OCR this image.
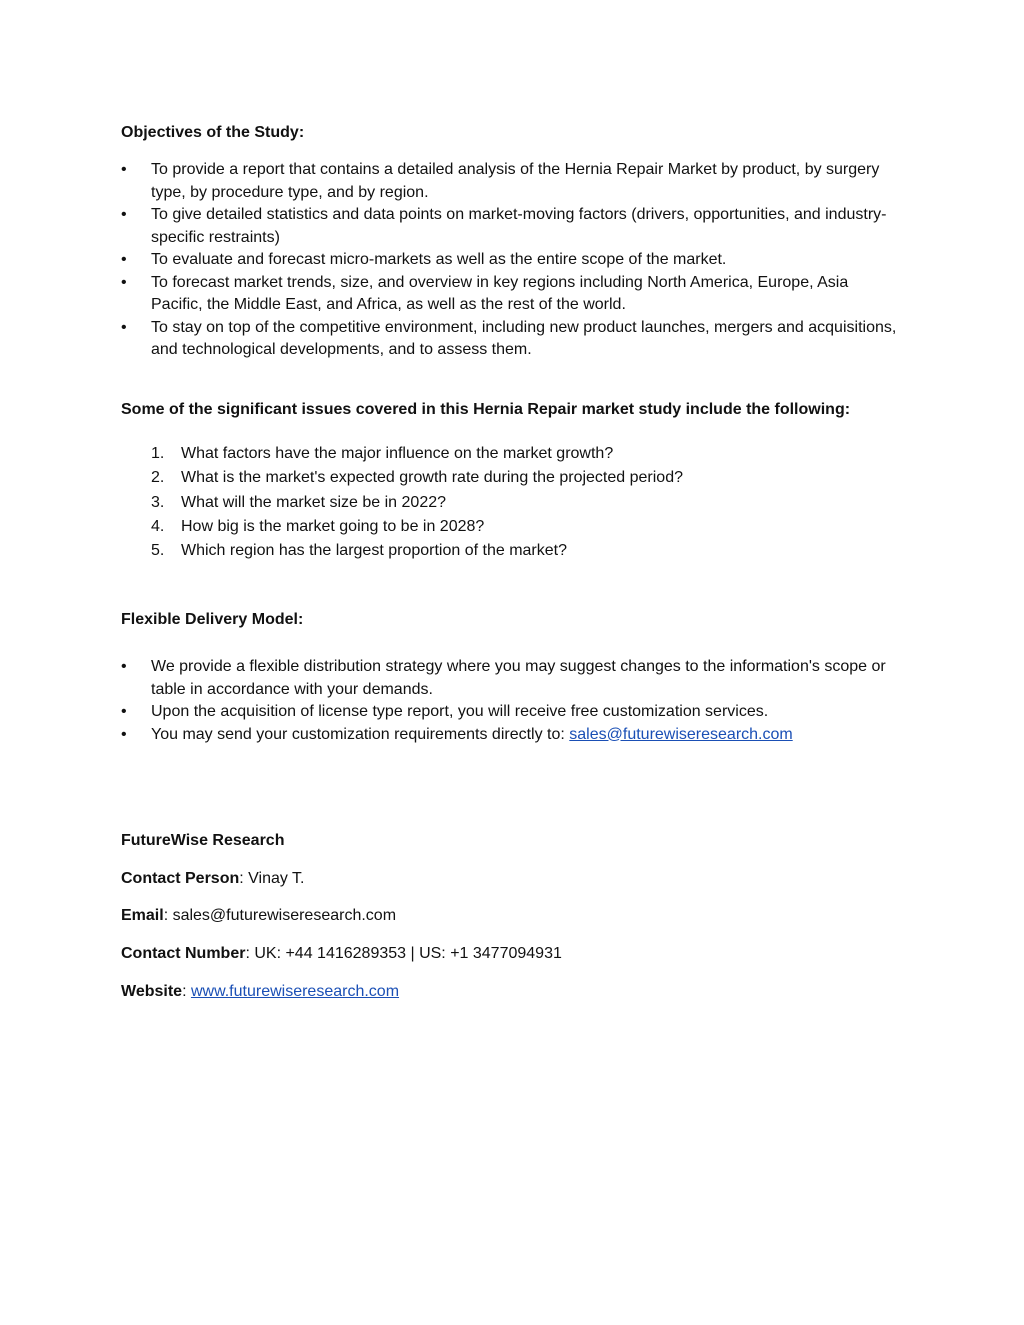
Objectives of the Study:
• To provide a report that contains a detailed analysis of the Hernia Repair Market by product, by surgery type, by procedure type, and by region.
• To give detailed statistics and data points on market-moving factors (drivers, opportunities, and industry-specific restraints)
• To evaluate and forecast micro-markets as well as the entire scope of the market.
• To forecast market trends, size, and overview in key regions including North America, Europe, Asia Pacific, the Middle East, and Africa, as well as the rest of the world.
• To stay on top of the competitive environment, including new product launches, mergers and acquisitions, and technological developments, and to assess them.
Some of the significant issues covered in this Hernia Repair market study include the following:
1. What factors have the major influence on the market growth?
2. What is the market's expected growth rate during the projected period?
3. What will the market size be in 2022?
4. How big is the market going to be in 2028?
5. Which region has the largest proportion of the market?
Flexible Delivery Model:
• We provide a flexible distribution strategy where you may suggest changes to the information's scope or table in accordance with your demands.
• Upon the acquisition of license type report, you will receive free customization services.
• You may send your customization requirements directly to: sales@futurewiseresearch.com
FutureWise Research
Contact Person: Vinay T.
Email: sales@futurewiseresearch.com
Contact Number: UK: +44 1416289353 | US: +1 3477094931
Website: www.futurewiseresearch.com
